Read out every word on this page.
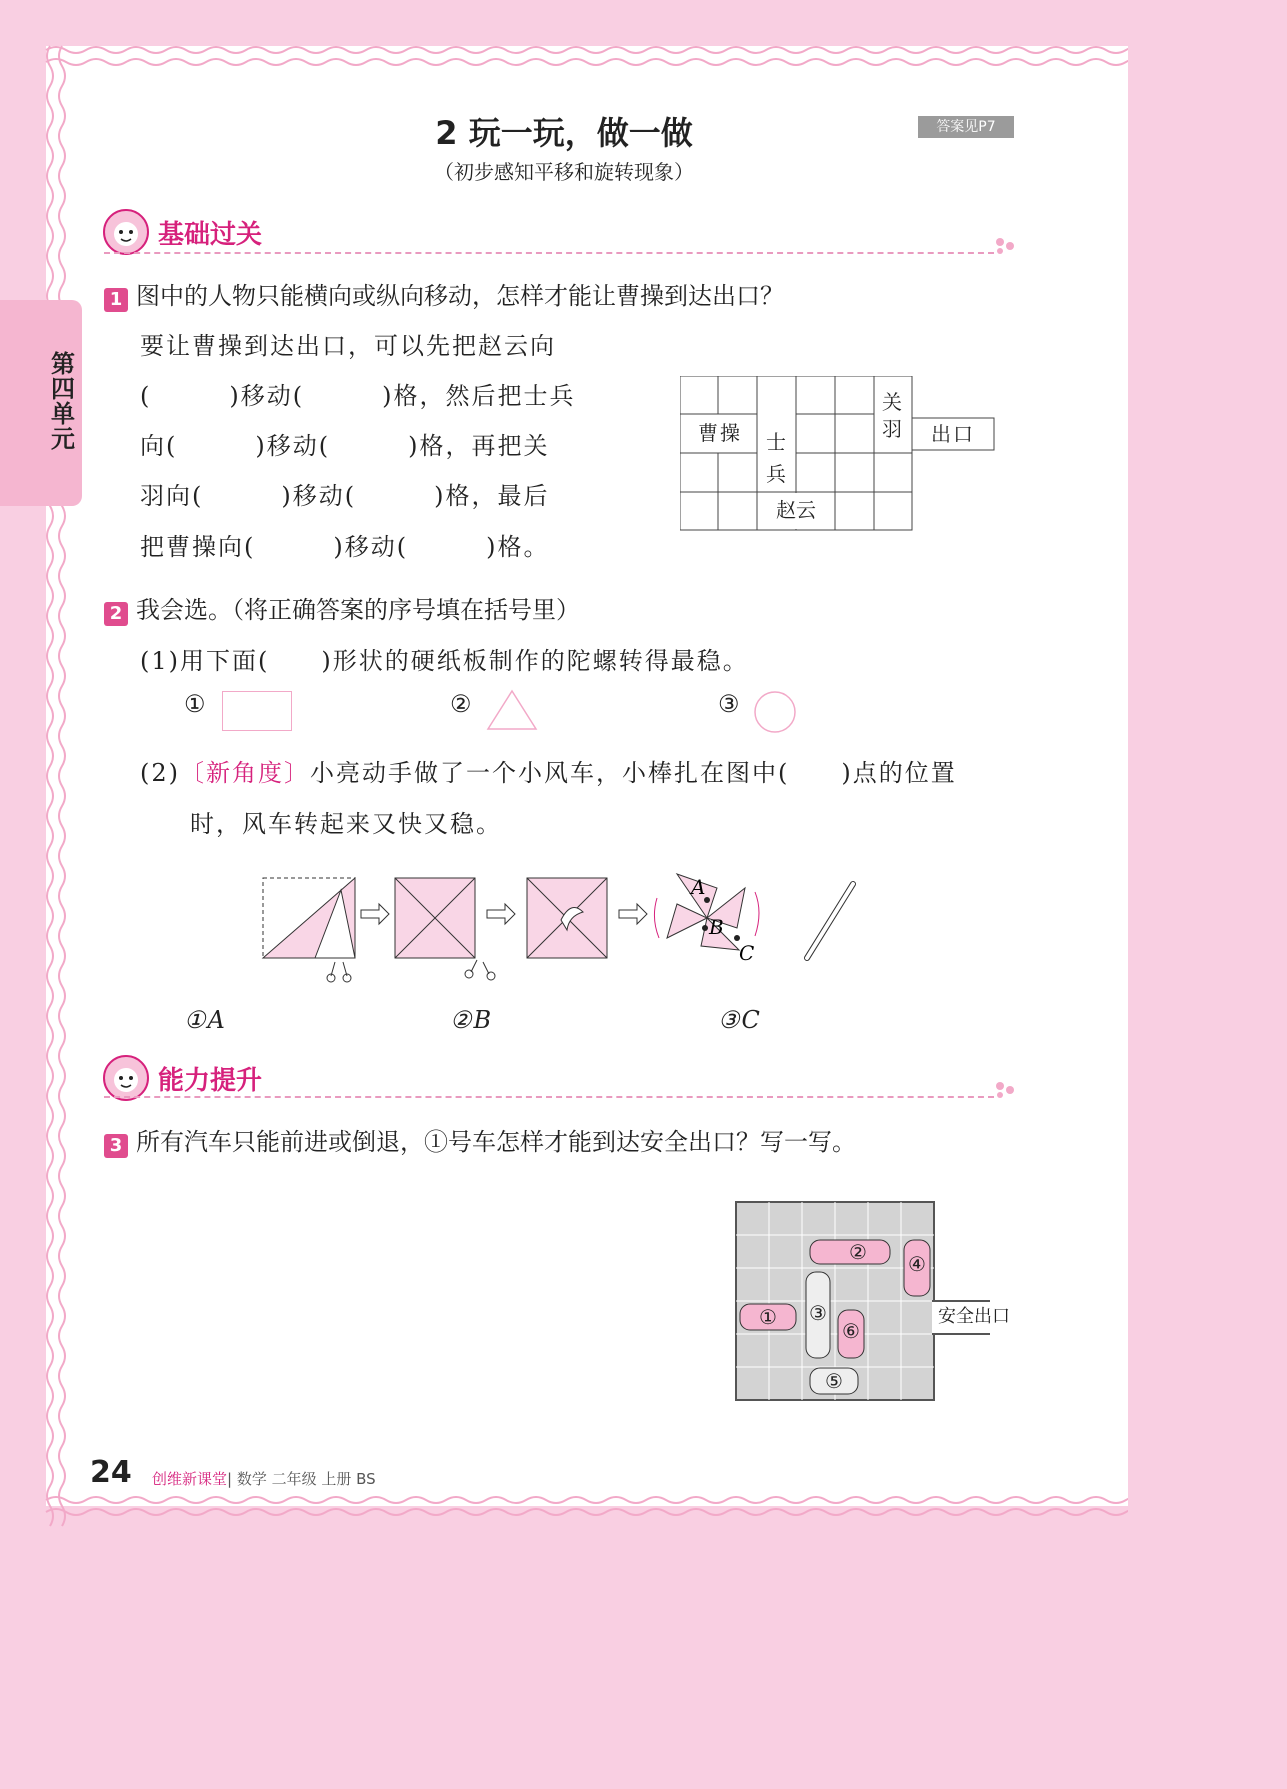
第四单元
2 玩一玩，做一做
（初步感知平移和旋转现象）
答案见P7
基础过关
1 图中的人物只能横向或纵向移动，怎样才能让曹操到达出口？
要让曹操到达出口，可以先把赵云向
(　　　)移动(　　　)格，然后把士兵
向(　　　)移动(　　　)格，再把关
羽向(　　　)移动(　　　)格，最后
把曹操向(　　　)移动(　　　)格。
曹操	士兵
关羽
赵云
出口
2 我会选。（将正确答案的序号填在括号里）
(1)用下面(　　)形状的硬纸板制作的陀螺转得最稳。
①	②	③
(2)〔新角度〕小亮动手做了一个小风车，小棒扎在图中(　　)点的位置
时，风车转起来又快又稳。
A
B
C
①A	②B	③C
能力提升
3 所有汽车只能前进或倒退，①号车怎样才能到达安全出口？写一写。
①
②
③
④
⑤
⑥
安全出口
24 创维新课堂| 数学 二年级 上册 BS
